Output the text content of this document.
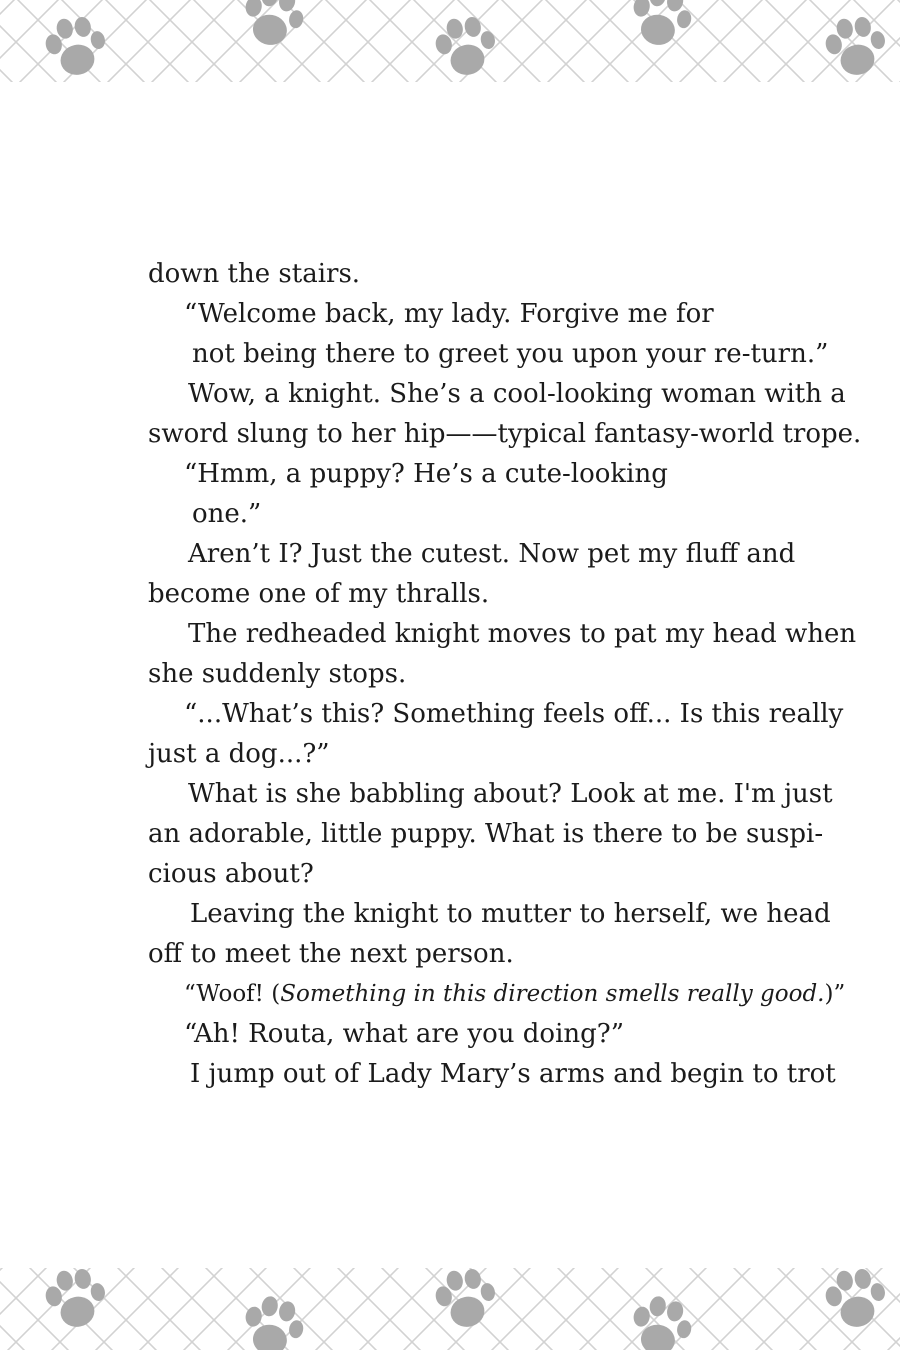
down the stairs.
“Welcome back, my lady. Forgive me for
not being there to greet you upon your re-turn.”
Wow, a knight. She’s a cool-looking woman with a
sword slung to her hip——typical fantasy-world trope.
“Hmm, a puppy? He’s a cute-looking
one.”
Aren’t I? Just the cutest. Now pet my fluff and
become one of my thralls.
The redheaded knight moves to pat my head when
she suddenly stops.
“...What’s this? Something feels off... Is this really
just a dog...?”
What is she babbling about? Look at me. I'm just
an adorable, little puppy. What is there to be suspi-
cious about?
Leaving the knight to mutter to herself, we head
off to meet the next person.
“Woof! (Something in this direction smells really good.)”
“Ah! Routa, what are you doing?”
I jump out of Lady Mary’s arms and begin to trot
